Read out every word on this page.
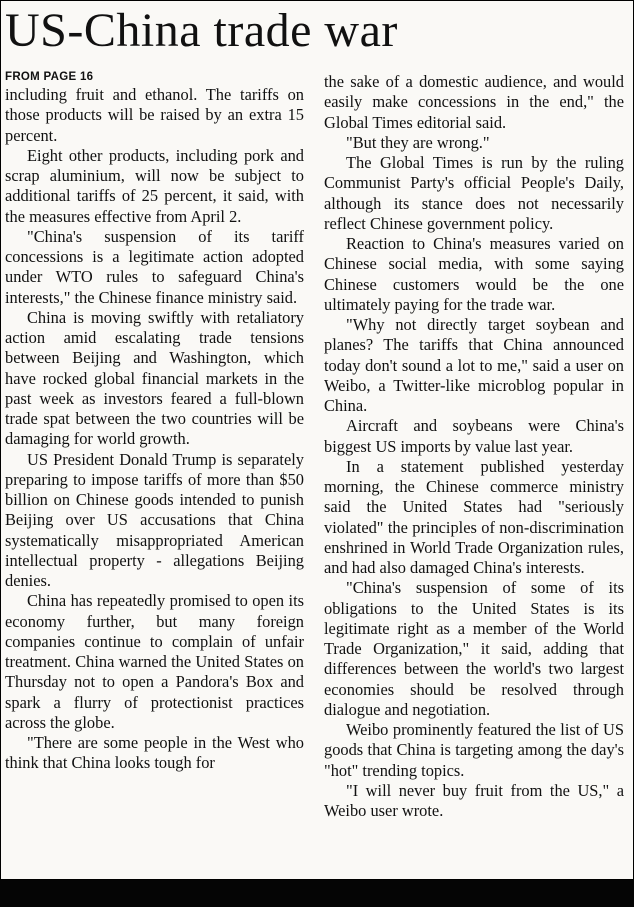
US-China trade war
FROM PAGE 16

including fruit and ethanol. The tariffs on those products will be raised by an extra 15 percent.

Eight other products, including pork and scrap aluminium, will now be subject to additional tariffs of 25 percent, it said, with the measures effective from April 2.

"China's suspension of its tariff concessions is a legitimate action adopted under WTO rules to safeguard China's interests," the Chinese finance ministry said.

China is moving swiftly with retaliatory action amid escalating trade tensions between Beijing and Washington, which have rocked global financial markets in the past week as investors feared a full-blown trade spat between the two countries will be damaging for world growth.

US President Donald Trump is separately preparing to impose tariffs of more than $50 billion on Chinese goods intended to punish Beijing over US accusations that China systematically misappropriated American intellectual property - allegations Beijing denies.

China has repeatedly promised to open its economy further, but many foreign companies continue to complain of unfair treatment. China warned the United States on Thursday not to open a Pandora's Box and spark a flurry of protectionist practices across the globe.

"There are some people in the West who think that China looks tough for

the sake of a domestic audience, and would easily make concessions in the end," the Global Times editorial said.

"But they are wrong."

The Global Times is run by the ruling Communist Party's official People's Daily, although its stance does not necessarily reflect Chinese government policy.

Reaction to China's measures varied on Chinese social media, with some saying Chinese customers would be the one ultimately paying for the trade war.

"Why not directly target soybean and planes? The tariffs that China announced today don't sound a lot to me," said a user on Weibo, a Twitter-like microblog popular in China.

Aircraft and soybeans were China's biggest US imports by value last year.

In a statement published yesterday morning, the Chinese commerce ministry said the United States had "seriously violated" the principles of non-discrimination enshrined in World Trade Organization rules, and had also damaged China's interests.

"China's suspension of some of its obligations to the United States is its legitimate right as a member of the World Trade Organization," it said, adding that differences between the world's two largest economies should be resolved through dialogue and negotiation.

Weibo prominently featured the list of US goods that China is targeting among the day's "hot" trending topics.

"I will never buy fruit from the US," a Weibo user wrote.
